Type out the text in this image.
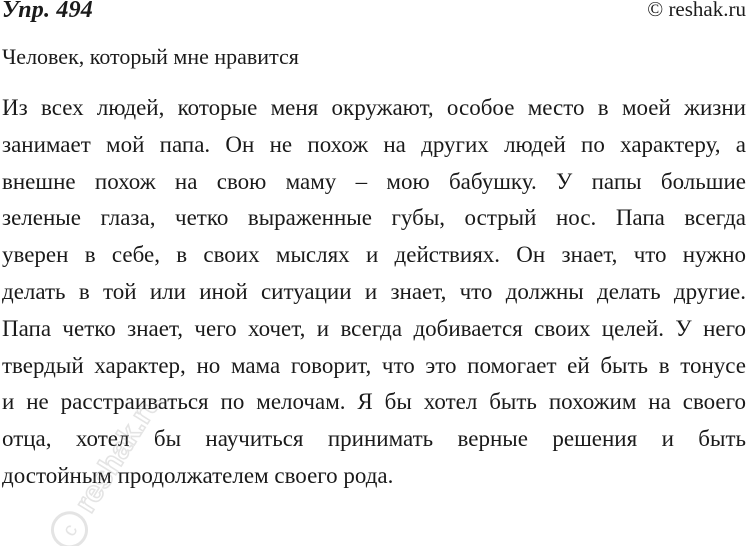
Упр. 494	© reshak.ru
Человек, который мне нравится
Из всех людей, которые меня окружают, особое место в моей жизни
занимает мой папа. Он не похож на других людей по характеру, а
внешне похож на свою маму – мою бабушку. У папы большие
зеленые глаза, четко выраженные губы, острый нос. Папа всегда
уверен в себе, в своих мыслях и действиях. Он знает, что нужно
делать в той или иной ситуации и знает, что должны делать другие.
Папа четко знает, чего хочет, и всегда добивается своих целей. У него
твердый характер, но мама говорит, что это помогает ей быть в тонусе
и не расстраиваться по мелочам. Я бы хотел быть похожим на своего
отца, хотел бы научиться принимать верные решения и быть
достойным продолжателем своего рода.
c
reshak.ru
